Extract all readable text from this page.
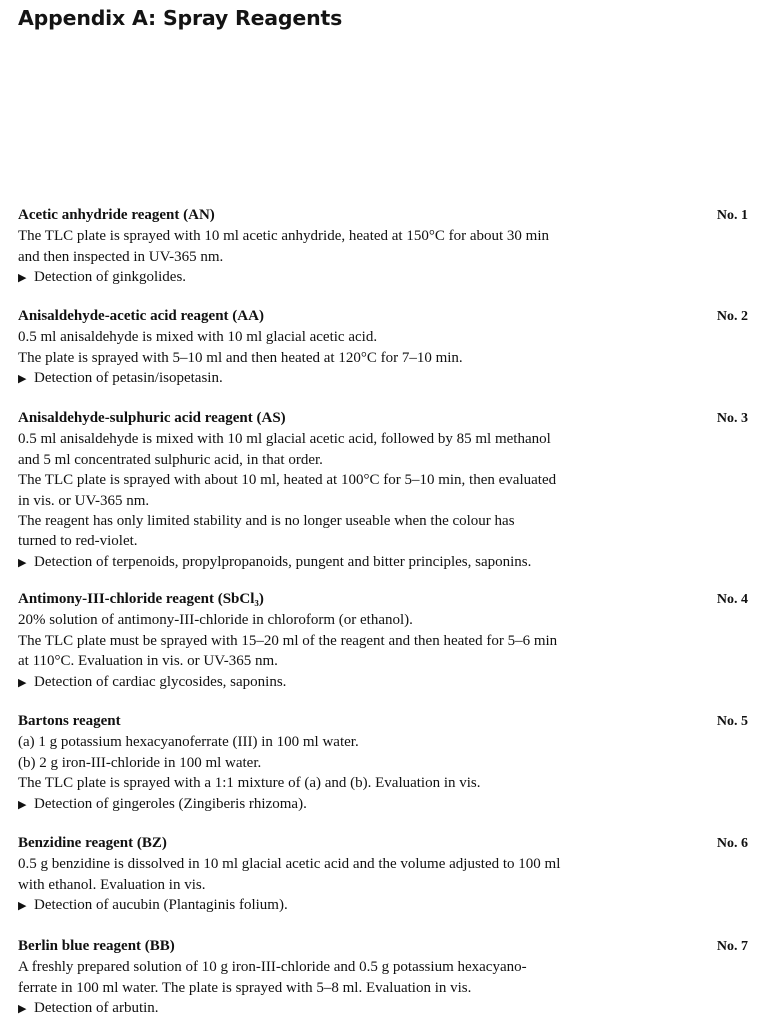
Appendix A: Spray Reagents
Acetic anhydride reagent (AN)	No. 1
The TLC plate is sprayed with 10 ml acetic anhydride, heated at 150°C for about 30 min
and then inspected in UV-365 nm.
▶ Detection of ginkgolides.
Anisaldehyde-acetic acid reagent (AA)	No. 2
0.5 ml anisaldehyde is mixed with 10 ml glacial acetic acid.
The plate is sprayed with 5–10 ml and then heated at 120°C for 7–10 min.
▶ Detection of petasin/isopetasin.
Anisaldehyde-sulphuric acid reagent (AS)	No. 3
0.5 ml anisaldehyde is mixed with 10 ml glacial acetic acid, followed by 85 ml methanol
and 5 ml concentrated sulphuric acid, in that order.
The TLC plate is sprayed with about 10 ml, heated at 100°C for 5–10 min, then evaluated
in vis. or UV-365 nm.
The reagent has only limited stability and is no longer useable when the colour has
turned to red-violet.
▶ Detection of terpenoids, propylpropanoids, pungent and bitter principles, saponins.
Antimony-III-chloride reagent (SbCl₃)	No. 4
20% solution of antimony-III-chloride in chloroform (or ethanol).
The TLC plate must be sprayed with 15–20 ml of the reagent and then heated for 5–6 min
at 110°C. Evaluation in vis. or UV-365 nm.
▶ Detection of cardiac glycosides, saponins.
Bartons reagent	No. 5
(a) 1 g potassium hexacyanoferrate (III) in 100 ml water.
(b) 2 g iron-III-chloride in 100 ml water.
The TLC plate is sprayed with a 1:1 mixture of (a) and (b). Evaluation in vis.
▶ Detection of gingeroles (Zingiberis rhizoma).
Benzidine reagent (BZ)	No. 6
0.5 g benzidine is dissolved in 10 ml glacial acetic acid and the volume adjusted to 100 ml
with ethanol. Evaluation in vis.
▶ Detection of aucubin (Plantaginis folium).
Berlin blue reagent (BB)	No. 7
A freshly prepared solution of 10 g iron-III-chloride and 0.5 g potassium hexacyano-
ferrate in 100 ml water. The plate is sprayed with 5–8 ml. Evaluation in vis.
▶ Detection of arbutin.
